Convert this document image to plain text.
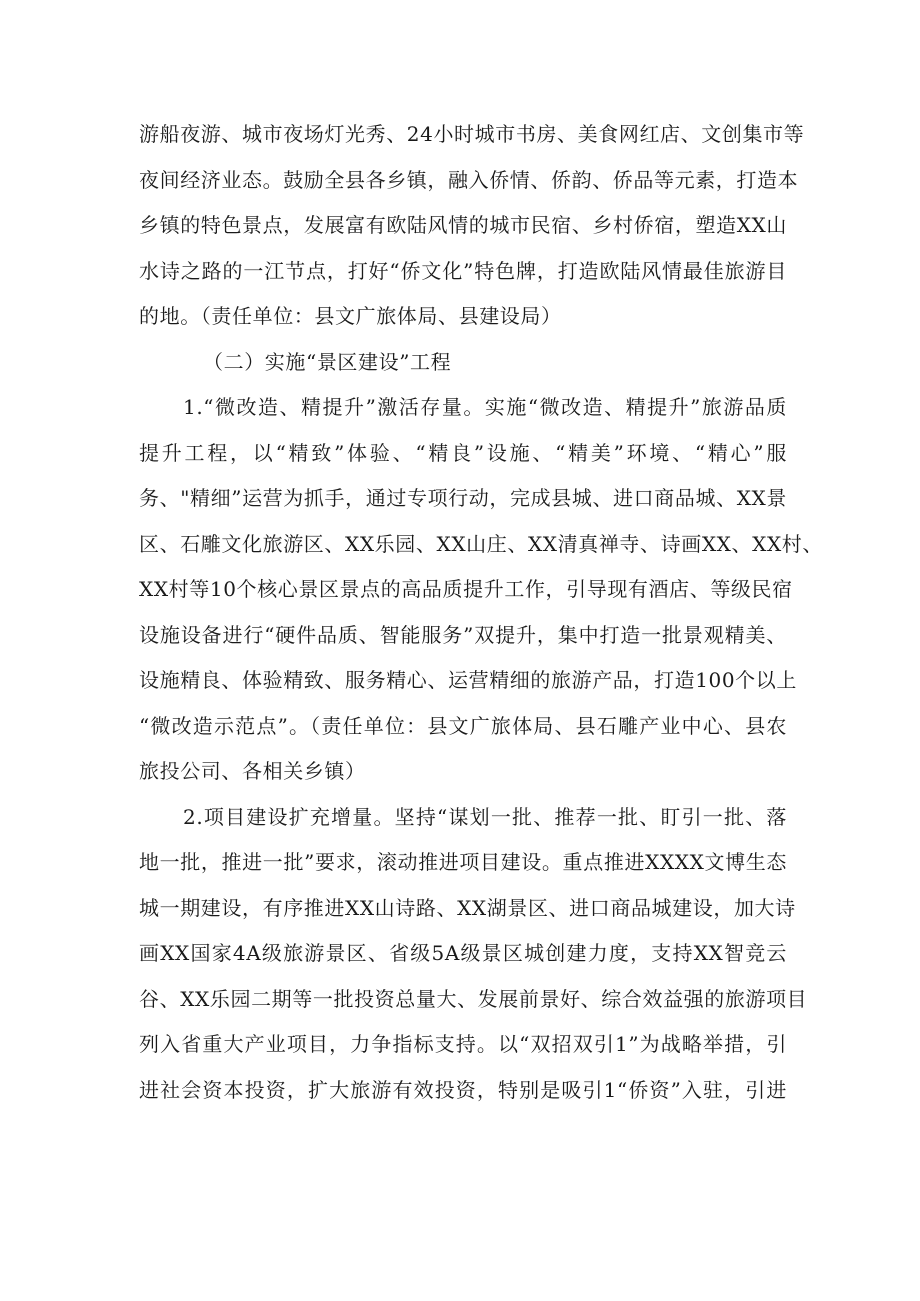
游船夜游、城市夜场灯光秀、24小时城市书房、美食网红店、文创集市等
夜间经济业态。鼓励全县各乡镇，融入侨情、侨韵、侨品等元素，打造本
乡镇的特色景点，发展富有欧陆风情的城市民宿、乡村侨宿，塑造XX山
水诗之路的一江节点，打好“侨文化”特色牌，打造欧陆风情最佳旅游目
的地。（责任单位：县文广旅体局、县建设局）
（二）实施“景区建设”工程
1.“微改造、精提升”激活存量。实施“微改造、精提升”旅游品质
提升工程，以“精致”体验、“精良”设施、“精美”环境、“精心”服
务、"精细”运营为抓手，通过专项行动，完成县城、进口商品城、XX景
区、石雕文化旅游区、XX乐园、XX山庄、XX清真禅寺、诗画XX、XX村、
XX村等10个核心景区景点的高品质提升工作，引导现有酒店、等级民宿
设施设备进行“硬件品质、智能服务”双提升，集中打造一批景观精美、
设施精良、体验精致、服务精心、运营精细的旅游产品，打造100个以上
“微改造示范点”。（责任单位：县文广旅体局、县石雕产业中心、县农
旅投公司、各相关乡镇）
2.项目建设扩充增量。坚持“谋划一批、推荐一批、盯引一批、落
地一批，推进一批”要求，滚动推进项目建设。重点推进XXXX文博生态
城一期建设，有序推进XX山诗路、XX湖景区、进口商品城建设，加大诗
画XX国家4A级旅游景区、省级5A级景区城创建力度，支持XX智竞云
谷、XX乐园二期等一批投资总量大、发展前景好、综合效益强的旅游项目
列入省重大产业项目，力争指标支持。以“双招双引1”为战略举措，引
进社会资本投资，扩大旅游有效投资，特别是吸引1“侨资”入驻，引进
